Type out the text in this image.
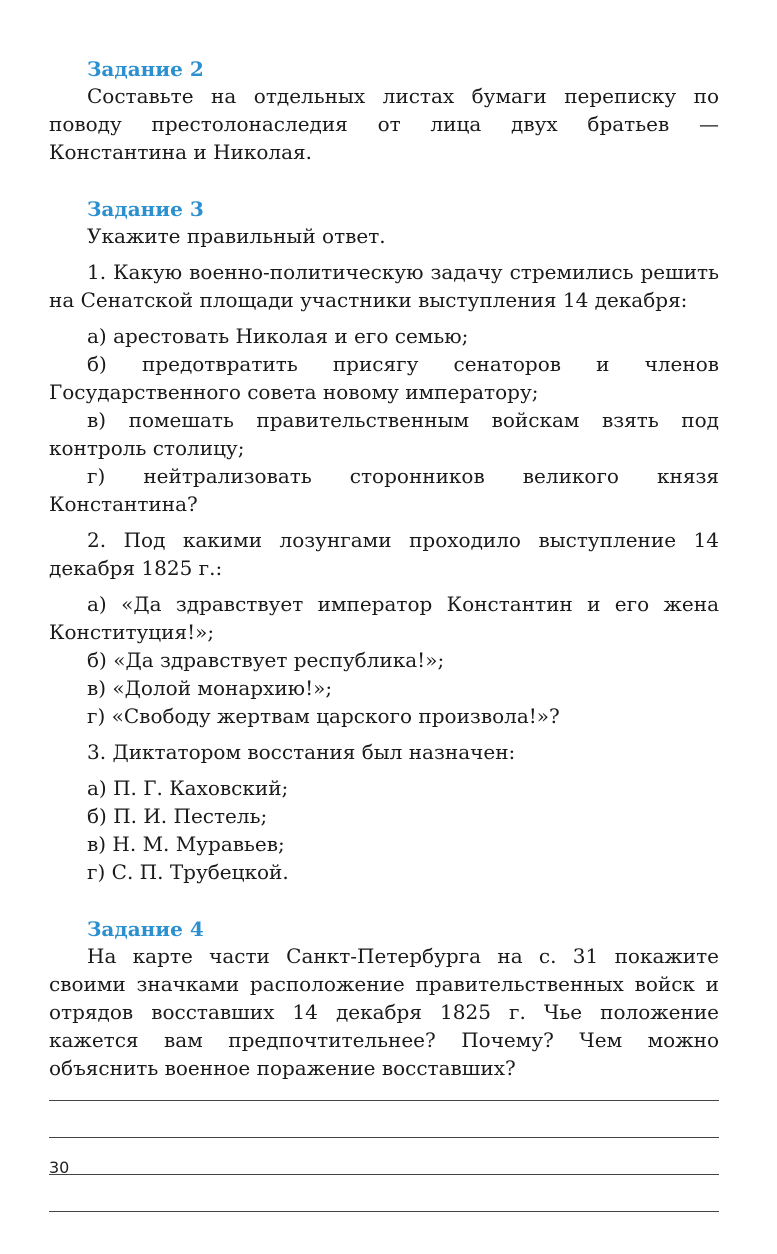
Задание 2

Составьте на отдельных листах бумаги переписку по поводу престолонаследия от лица двух братьев — Константина и Николая.

Задание 3

Укажите правильный ответ.

1. Какую военно-политическую задачу стремились решить на Сенатской площади участники выступления 14 декабря:

а) арестовать Николая и его семью;

б) предотвратить присягу сенаторов и членов Государственного совета новому императору;

в) помешать правительственным войскам взять под контроль столицу;

г) нейтрализовать сторонников великого князя Константина?

2. Под какими лозунгами проходило выступление 14 декабря 1825 г.:

а) «Да здравствует император Константин и его жена Конституция!»;

б) «Да здравствует республика!»;

в) «Долой монархию!»;

г) «Свободу жертвам царского произвола!»?

3. Диктатором восстания был назначен:

а) П. Г. Каховский;

б) П. И. Пестель;

в) Н. М. Муравьев;

г) С. П. Трубецкой.

Задание 4

На карте части Санкт-Петербурга на с. 31 покажите своими значками расположение правительственных войск и отрядов восставших 14 декабря 1825 г. Чье положение кажется вам предпочтительнее? Почему? Чем можно объяснить военное поражение восставших?

30
